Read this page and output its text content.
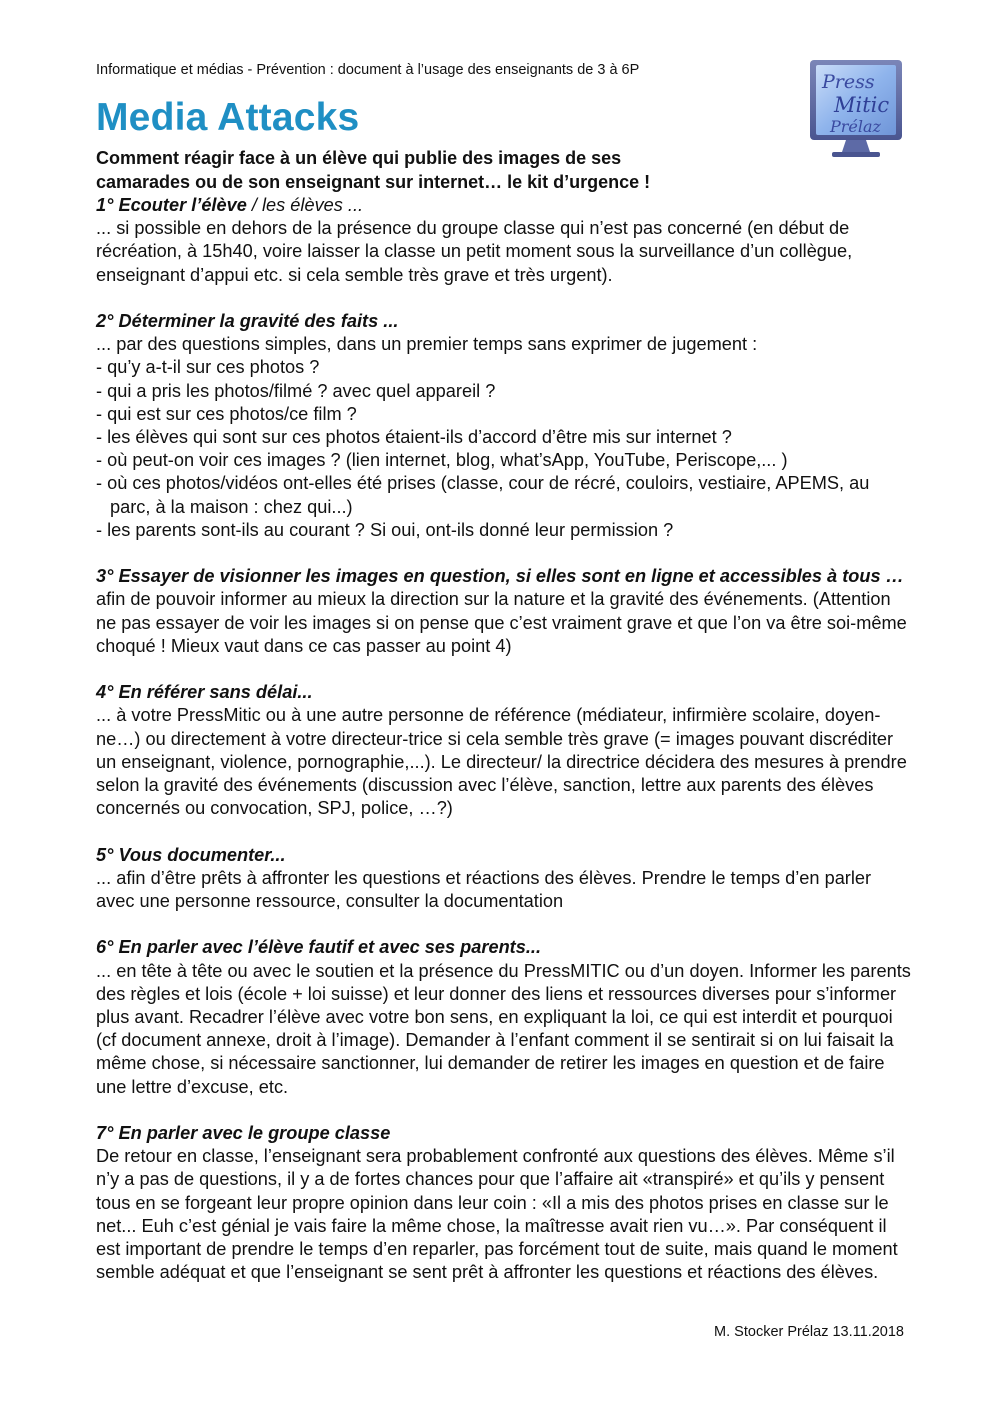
Informatique et médias - Prévention : document à l’usage des enseignants de 3 à 6P
Media Attacks
Comment réagir face à un élève qui publie des images de ses
camarades ou de son enseignant sur internet… le kit d’urgence !
Press
Mitic
Prélaz

1° Ecouter l’élève / les élèves ...

... si possible en dehors de la présence du groupe classe qui n’est pas concerné (en début de récréation, à 15h40, voire laisser la classe un petit moment sous la surveillance d’un collègue, enseignant d’appui etc. si cela semble très grave et très urgent).

2° Déterminer la gravité des faits ...

... par des questions simples, dans un premier temps sans exprimer de jugement :

- qu’y a-t-il sur ces photos ?

- qui a pris les photos/filmé ? avec quel appareil ?

- qui est sur ces photos/ce film ?

- les élèves qui sont sur ces photos étaient-ils d’accord d’être mis sur internet ?

- où peut-on voir ces images ? (lien internet, blog, what’sApp, YouTube, Periscope,... )

- où ces photos/vidéos ont-elles été prises (classe, cour de récré, couloirs, vestiaire, APEMS, au parc, à la maison : chez qui...)

- les parents sont-ils au courant ? Si oui, ont-ils donné leur permission ?

3° Essayer de visionner les images en question, si elles sont en ligne et accessibles à tous … afin de pouvoir informer au mieux la direction sur la nature et la gravité des événements. (Attention ne pas essayer de voir les images si on pense que c’est vraiment grave et que l’on va être soi-même choqué ! Mieux vaut dans ce cas passer au point 4)

4° En référer sans délai...

... à votre PressMitic ou à une autre personne de référence (médiateur, infirmière scolaire, doyen-ne…) ou directement à votre directeur-trice si cela semble très grave (= images pouvant discréditer un enseignant, violence, pornographie,...). Le directeur/ la directrice décidera des mesures à prendre selon la gravité des événements (discussion avec l’élève, sanction, lettre aux parents des élèves concernés ou convocation, SPJ, police, …?)

5° Vous documenter...

... afin d’être prêts à affronter les questions et réactions des élèves. Prendre le temps d’en parler avec une personne ressource, consulter la documentation

6° En parler avec l’élève fautif et avec ses parents...

... en tête à tête ou avec le soutien et la présence du PressMITIC ou d’un doyen. Informer les parents des règles et lois (école + loi suisse) et leur donner des liens et ressources diverses pour s’informer plus avant. Recadrer l’élève avec votre bon sens, en expliquant la loi, ce qui est interdit et pourquoi (cf document annexe, droit à l’image). Demander à l’enfant comment il se sentirait si on lui faisait la même chose, si nécessaire sanctionner, lui demander de retirer les images en question et de faire une lettre d’excuse, etc.

7° En parler avec le groupe classe

De retour en classe, l’enseignant sera probablement confronté aux questions des élèves. Même s’il n’y a pas de questions, il y a de fortes chances pour que l’affaire ait «transpiré» et qu’ils y pensent tous en se forgeant leur propre opinion dans leur coin : «Il a mis des photos prises en classe sur le net... Euh c’est génial je vais faire la même chose, la maîtresse avait rien vu…». Par conséquent il est important de prendre le temps d’en reparler, pas forcément tout de suite, mais quand le moment semble adéquat et que l’enseignant se sent prêt à affronter les questions et réactions des élèves.

M. Stocker Prélaz 13.11.2018
